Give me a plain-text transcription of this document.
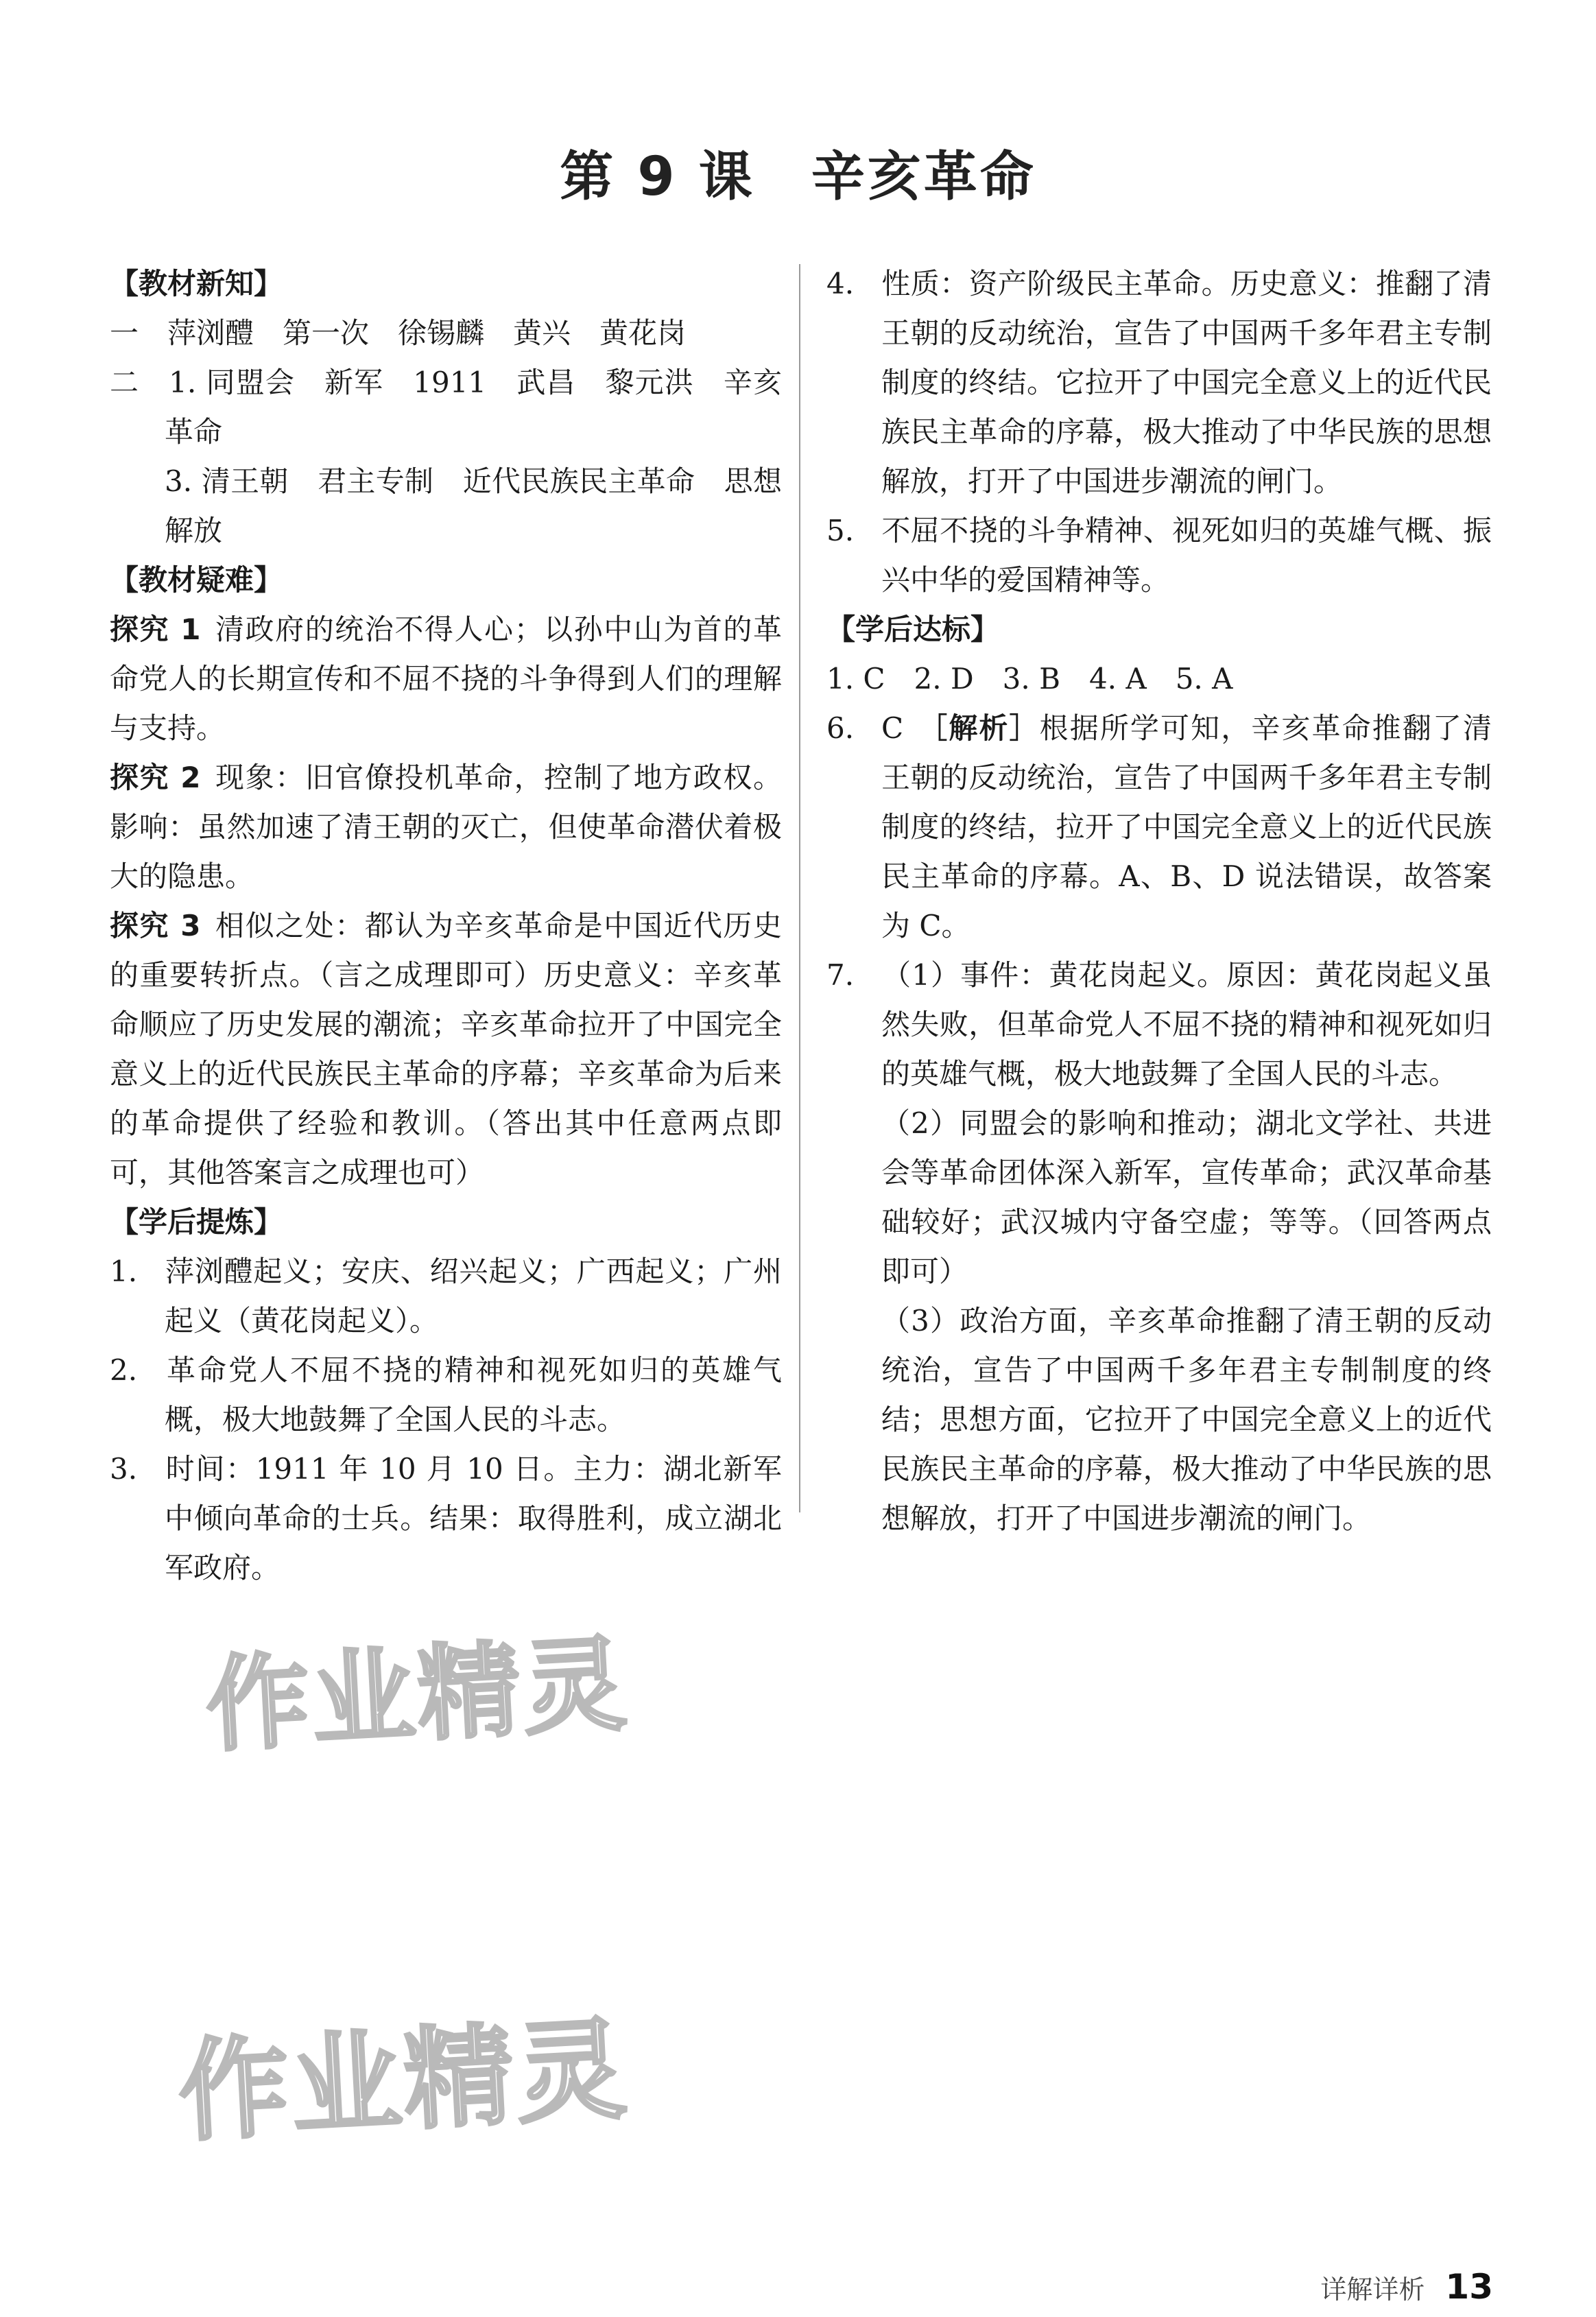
第 9 课　辛亥革命
【教材新知】

一　萍浏醴　第一次　徐锡麟　黄兴　黄花岗

二　1. 同盟会　新军　1911　武昌　黎元洪　辛亥革命

3. 清王朝　君主专制　近代民族民主革命　思想解放

【教材疑难】

探究 1 清政府的统治不得人心；以孙中山为首的革命党人的长期宣传和不屈不挠的斗争得到人们的理解与支持。

探究 2 现象：旧官僚投机革命，控制了地方政权。影响：虽然加速了清王朝的灭亡，但使革命潜伏着极大的隐患。

探究 3 相似之处：都认为辛亥革命是中国近代历史的重要转折点。（言之成理即可）历史意义：辛亥革命顺应了历史发展的潮流；辛亥革命拉开了中国完全意义上的近代民族民主革命的序幕；辛亥革命为后来的革命提供了经验和教训。（答出其中任意两点即可，其他答案言之成理也可）

【学后提炼】

1. 萍浏醴起义；安庆、绍兴起义；广西起义；广州起义（黄花岗起义）。

2. 革命党人不屈不挠的精神和视死如归的英雄气概，极大地鼓舞了全国人民的斗志。

3. 时间：1911 年 10 月 10 日。主力：湖北新军中倾向革命的士兵。结果：取得胜利，成立湖北军政府。

4. 性质：资产阶级民主革命。历史意义：推翻了清王朝的反动统治，宣告了中国两千多年君主专制制度的终结。它拉开了中国完全意义上的近代民族民主革命的序幕，极大推动了中华民族的思想解放，打开了中国进步潮流的闸门。

5. 不屈不挠的斗争精神、视死如归的英雄气概、振兴中华的爱国精神等。

【学后达标】

1. C　2. D　3. B　4. A　5. A

6. C ［解析］根据所学可知，辛亥革命推翻了清王朝的反动统治，宣告了中国两千多年君主专制制度的终结，拉开了中国完全意义上的近代民族民主革命的序幕。A、B、D 说法错误，故答案为 C。

7. （1）事件：黄花岗起义。原因：黄花岗起义虽然失败，但革命党人不屈不挠的精神和视死如归的英雄气概，极大地鼓舞了全国人民的斗志。

（2）同盟会的影响和推动；湖北文学社、共进会等革命团体深入新军，宣传革命；武汉革命基础较好；武汉城内守备空虚；等等。（回答两点即可）

（3）政治方面，辛亥革命推翻了清王朝的反动统治，宣告了中国两千多年君主专制制度的终结；思想方面，它拉开了中国完全意义上的近代民族民主革命的序幕，极大推动了中华民族的思想解放，打开了中国进步潮流的闸门。

作业精灵
作业精灵
详解详析 13
